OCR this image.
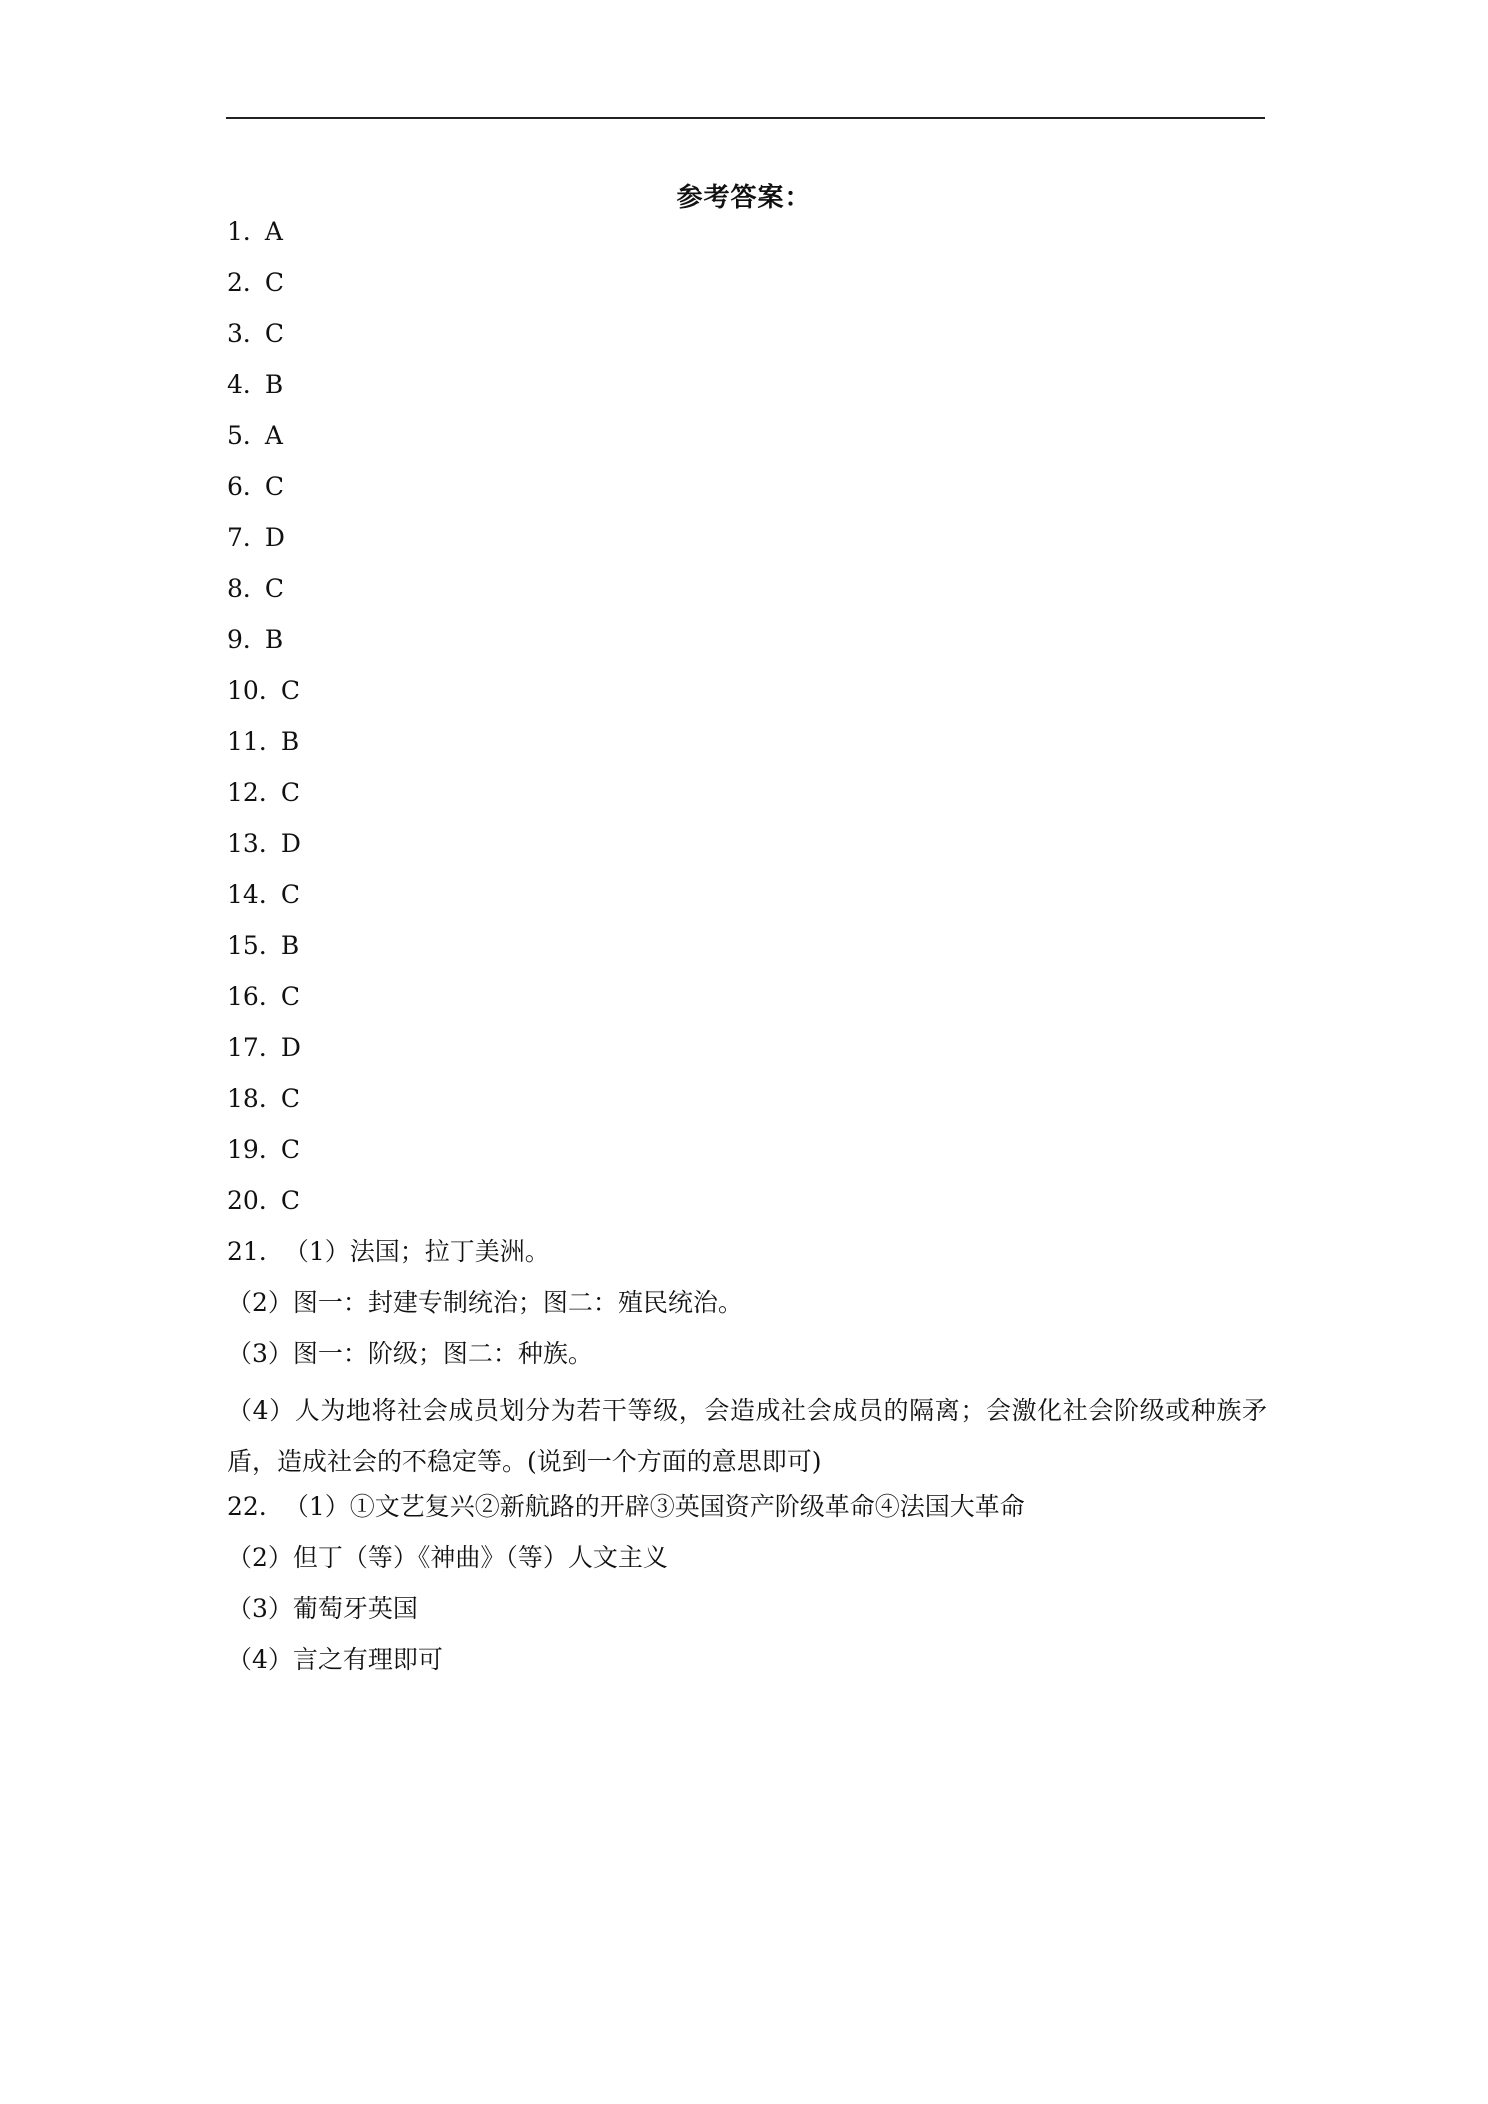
参考答案：
1 ．
A
2 ．
C
3 ．
C
4 ．
B
5 ．
A
6 ．
C
7 ．
D
8 ．
C
9 ．
B
10 ．
C
11 ．
B
12 ．
C
13 ．
D
14 ．
C
15 ．
B
16 ．
C
17 ．
D
18 ．
C
19 ．
C
20 ．
C
21 ． （1）法国；拉丁美洲。
（2）图一：封建专制统治；图二：殖民统治。
（3）图一：阶级；图二：种族。
（4）人为地将社会成员划分为若干等级，会造成社会成员的隔离；会激化社会阶级或种族矛盾，造成社会的不稳定等。(说到一个方面的意思即可)
22 ． （1）①文艺复兴②新航路的开辟③英国资产阶级革命④法国大革命
（2）但丁（等）《神曲》（等）人文主义
（3）葡萄牙英国
（4）言之有理即可
